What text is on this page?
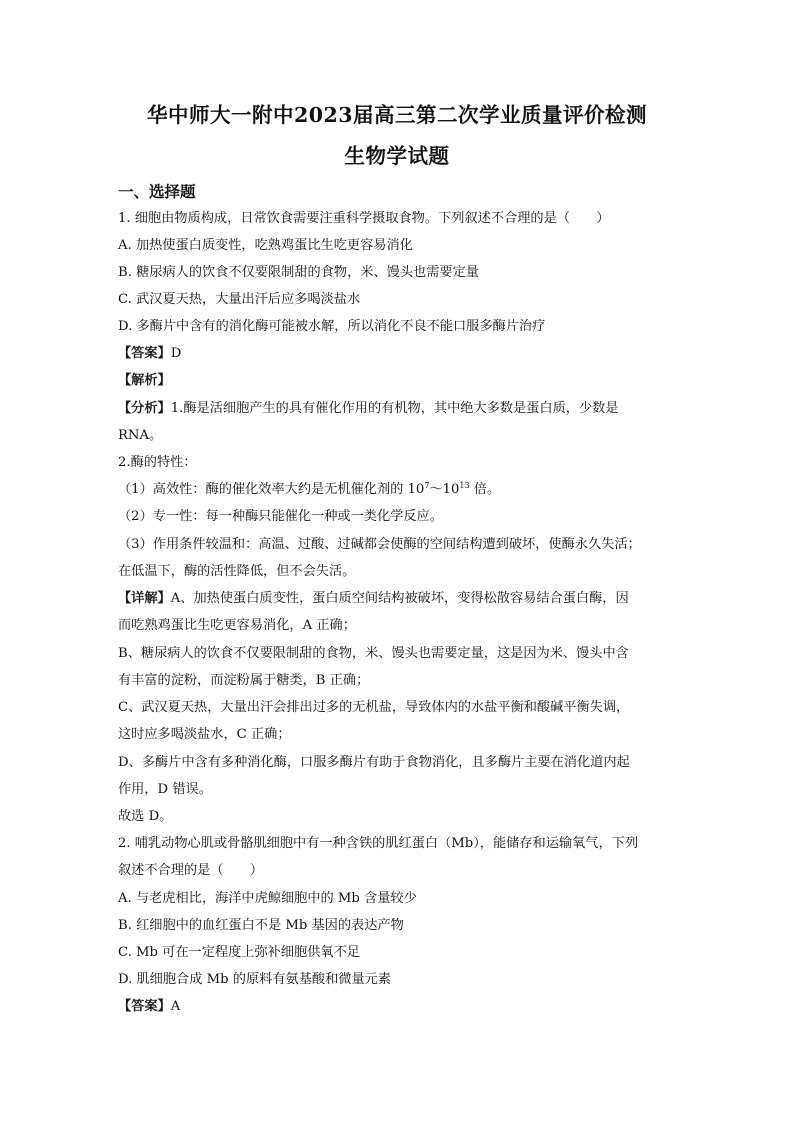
华中师大一附中2023届高三第二次学业质量评价检测
生物学试题
一、选择题
1. 细胞由物质构成，日常饮食需要注重科学摄取食物。下列叙述不合理的是（　　）
A. 加热使蛋白质变性，吃熟鸡蛋比生吃更容易消化
B. 糖尿病人的饮食不仅要限制甜的食物，米、馒头也需要定量
C. 武汉夏天热，大量出汗后应多喝淡盐水
D. 多酶片中含有的消化酶可能被水解，所以消化不良不能口服多酶片治疗
【答案】D
【解析】
【分析】1.酶是活细胞产生的具有催化作用的有机物，其中绝大多数是蛋白质，少数是
RNA。
2.酶的特性：
（1）高效性：酶的催化效率大约是无机催化剂的 $10^7\sim 10^{13}$ 倍。
（2）专一性：每一种酶只能催化一种或一类化学反应。
（3）作用条件较温和：高温、过酸、过碱都会使酶的空间结构遭到破坏，使酶永久失活；
在低温下，酶的活性降低，但不会失活。
【详解】A、加热使蛋白质变性，蛋白质空间结构被破坏，变得松散容易结合蛋白酶，因
而吃熟鸡蛋比生吃更容易消化，A 正确；
B、糖尿病人的饮食不仅要限制甜的食物，米、馒头也需要定量，这是因为米、馒头中含
有丰富的淀粉，而淀粉属于糖类，B 正确；
C、武汉夏天热，大量出汗会排出过多的无机盐，导致体内的水盐平衡和酸碱平衡失调，
这时应多喝淡盐水，C 正确；
D、多酶片中含有多种消化酶，口服多酶片有助于食物消化，且多酶片主要在消化道内起
作用，D 错误。
故选 D。
2. 哺乳动物心肌或骨骼肌细胞中有一种含铁的肌红蛋白（Mb），能储存和运输氧气，下列
叙述不合理的是（　　）
A. 与老虎相比，海洋中虎鲸细胞中的 Mb 含量较少
B. 红细胞中的血红蛋白不是 Mb 基因的表达产物
C. Mb 可在一定程度上弥补细胞供氧不足
D. 肌细胞合成 Mb 的原料有氨基酸和微量元素
【答案】A
